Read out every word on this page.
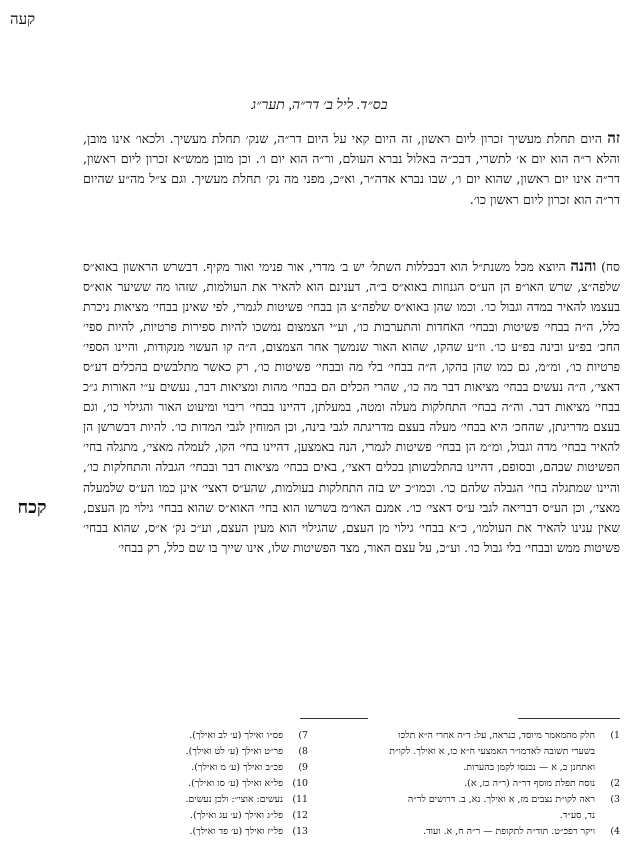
קעה
בס״ד. ליל ב׳ דר״ה, תער״ג
זה היום תחלת מעשיך זכרון ליום ראשון, זה היום קאי על היום דר״ה, שנק׳ תחלת מעשיך. ולכאו׳ אינו מובן, והלא ר״ה הוא יום א׳ לתשרי, דבכ״ה באלול נברא העולם, ור״ה הוא יום ו׳. וכן מובן ממש״א זכרון ליום ראשון, דר״ה אינו יום ראשון, שהוא יום ו׳, שבו נברא אדה״ר, וא״כ, מפני מה נק׳ תחלת מעשיך. וגם צ״ל מה״ע שהיום דר״ה הוא זכרון ליום ראשון כו׳.
סח) והנה היוצא מכל משנת״ל הוא דבכללות השתל׳ יש ב׳ מדרי, אור פנימי ואור מקיף. דבשרש הראשון באוא״ס שלפה״צ, שרש האו״פ הן הע״ס הגנוזות באוא״ס ב״ה, דענינם הוא להאיר את העולמות, שזהו מה ששיער אוא״ס בעצמו להאיר במדה וגבול כו׳. וכמו שהן באוא״ס שלפה״צ הן בבחי׳ פשיטות לגמרי, לפי שאינן בבחי׳ מציאות ניכרת כלל, ה״ה בבחי׳ פשיטות ובבחי׳ האחדות והתערבות כו׳, וע״י הצמצום נמשכו להיות ספירות פרטיות, להיות ספי׳ החכ׳ בפ״ע ובינה בפ״ע כו׳. וז״ע שהקו, שהוא האור שנמשך אחר הצמצום, ה״ה קו העשוי מנקודות, והיינו הספי׳ פרטיות כו׳, ומ״מ, גם כמו שהן בהקו, ה״ה בבחי׳ בלי מה ובבחי׳ פשיטות כו׳, רק כאשר מתלבשים בהכלים דע״ס דאצי׳, ה״ה נעשים בבחי׳ מציאות דבר מה כו׳, שהרי הכלים הם בבחי׳ מהות ומציאות דבר, נעשים ע״י האורות ג״כ בבחי׳ מציאות דבר. וה״ה בבחי׳ התחלקות מעלה ומטה, במעלתן, דהיינו בבחי׳ ריבוי ומיעוט האור והגילוי כו׳, וגם בעצם מדריגתן, שהחכ׳ היא בבחי׳ מעלה בעצם מדריגתה לגבי בינה, וכן המוחין לגבי המדות כו׳. להיות דבשרשן הן להאיר בבחי׳ מדה וגבול, ומ״מ הן בבחי׳ פשיטות לגמרי, הנה באמצען, דהיינו בחי׳ הקו, לעמלה מאצי׳, מתגלה בחי׳ הפשיטות שבהם, ובסופם, דהיינו בהתלבשותן בכלים דאצי׳, באים בבחי׳ מציאות דבר ובבחי׳ הגבלה והתחלקות כו׳, והיינו שמתגלה בחי׳ הגבלה שלהם כו׳. וכמו״כ יש בזה התחלקות בעולמות, שהע״ס דאצי׳ אינן כמו הע״ס שלמעלה מאצי׳, וכן הע״ס דבריאה לגבי ע״ס דאצי׳ כו׳. אמנם האו״מ בשרשו הוא בחי׳ האוא״ס שהוא בבחי׳ גילוי מן העצם, שאין ענינו להאיר את העולמו׳, כ״א בבחי׳ גילוי מן העצם, שהגילוי הוא מעין העצם, וע״כ נק׳ א״ס, שהוא בבחי׳ פשיטות ממש ובבחי׳ בלי גבול כו׳. וע״כ, על עצם האור, מצד הפשיטות שלו, אינו שייך בו שם כלל, רק בבחי׳
קכח
1) חלק מהמאמר מיוסד, כנראה, על: ד״ה אחרי ה״א תלכו
בשערי תשובה לאדמו״ר האמצעי ח״א כו, א ואילך. לקו״ת
ואתחנן ב, א — נכנסו לקמן בהערות.
2) נוסח תפלת מוסף דר״ה (ר״ה כז, א).
3) ראה לקו״ת נצבים מז, א ואילך. נא, ב. דרושים לר״ה
נד, סע״ד.
4) ויקר רפכ״ט. תוד״ה לתקופת — ר״ה ח, א. ועוד.
7) פס״ו ואילך (ע׳ לב ואילך).
8) פר״ט ואילך (ע׳ לט ואילך).
9) פכ״ב ואילך (ע׳ מ ואילך).
10) פל״א ואילך (ע׳ סו ואילך).
11) נעשים: אוצי״: ולכן נעשים.
12) פל״ג ואילך (ע׳ עג ואילך).
13) פל״ז ואילך (ע׳ פד ואילך).
